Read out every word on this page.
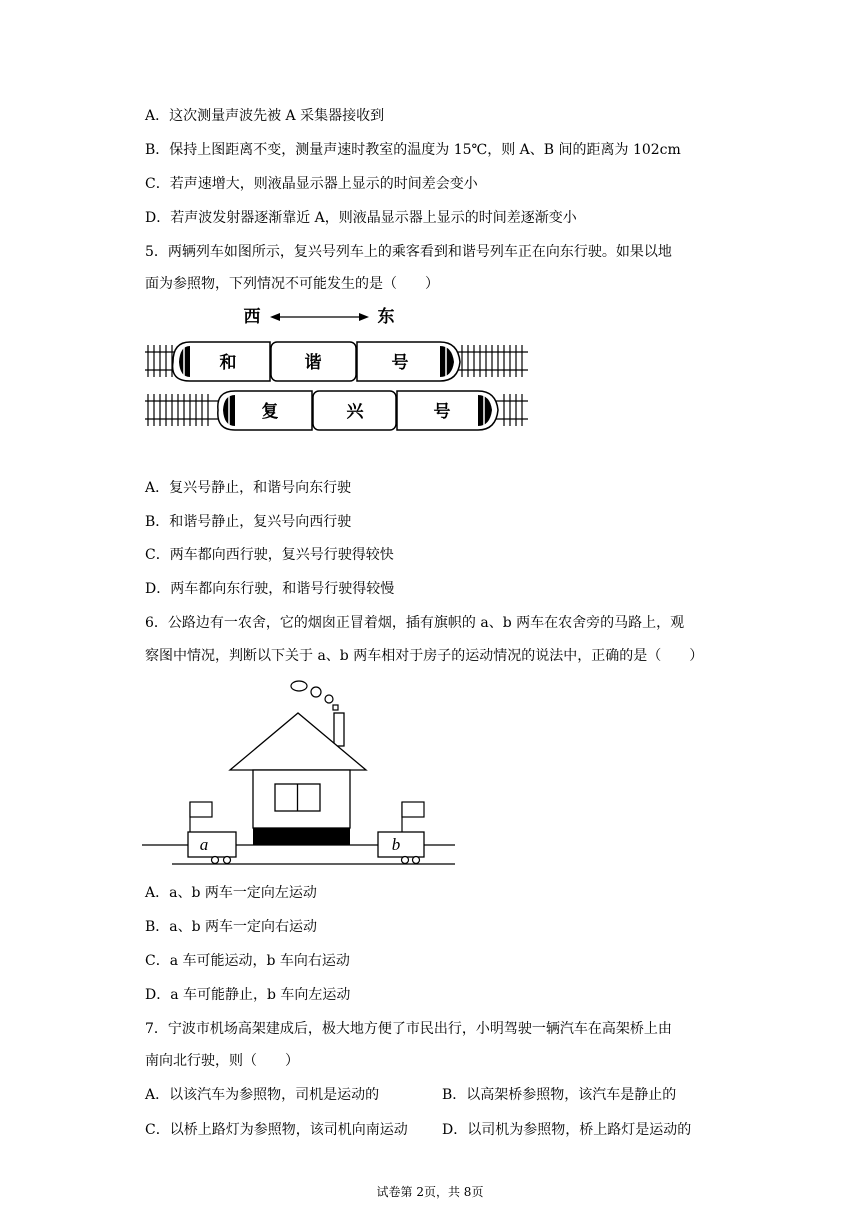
A．这次测量声波先被 A 采集器接收到
B．保持上图距离不变，测量声速时教室的温度为 15℃，则 A、B 间的距离为 102cm
C．若声速增大，则液晶显示器上显示的时间差会变小
D．若声波发射器逐渐靠近 A，则液晶显示器上显示的时间差逐渐变小
5．两辆列车如图所示，复兴号列车上的乘客看到和谐号列车正在向东行驶。如果以地
面为参照物，下列情况不可能发生的是（　　）
西	东
和	谐	号
复	兴	号
A．复兴号静止，和谐号向东行驶
B．和谐号静止，复兴号向西行驶
C．两车都向西行驶，复兴号行驶得较快
D．两车都向东行驶，和谐号行驶得较慢
6．公路边有一农舍，它的烟囱正冒着烟，插有旗帜的 a、b 两车在农舍旁的马路上，观
察图中情况，判断以下关于 a、b 两车相对于房子的运动情况的说法中，正确的是（　　）
a	b
A．a、b 两车一定向左运动
B．a、b 两车一定向右运动
C．a 车可能运动，b 车向右运动
D．a 车可能静止，b 车向左运动
7．宁波市机场高架建成后，极大地方便了市民出行，小明驾驶一辆汽车在高架桥上由
南向北行驶，则（　　）
A．以该汽车为参照物，司机是运动的	B．以高架桥参照物，该汽车是静止的
C．以桥上路灯为参照物，该司机向南运动 D．以司机为参照物，桥上路灯是运动的
试卷第 2页，共 8页
